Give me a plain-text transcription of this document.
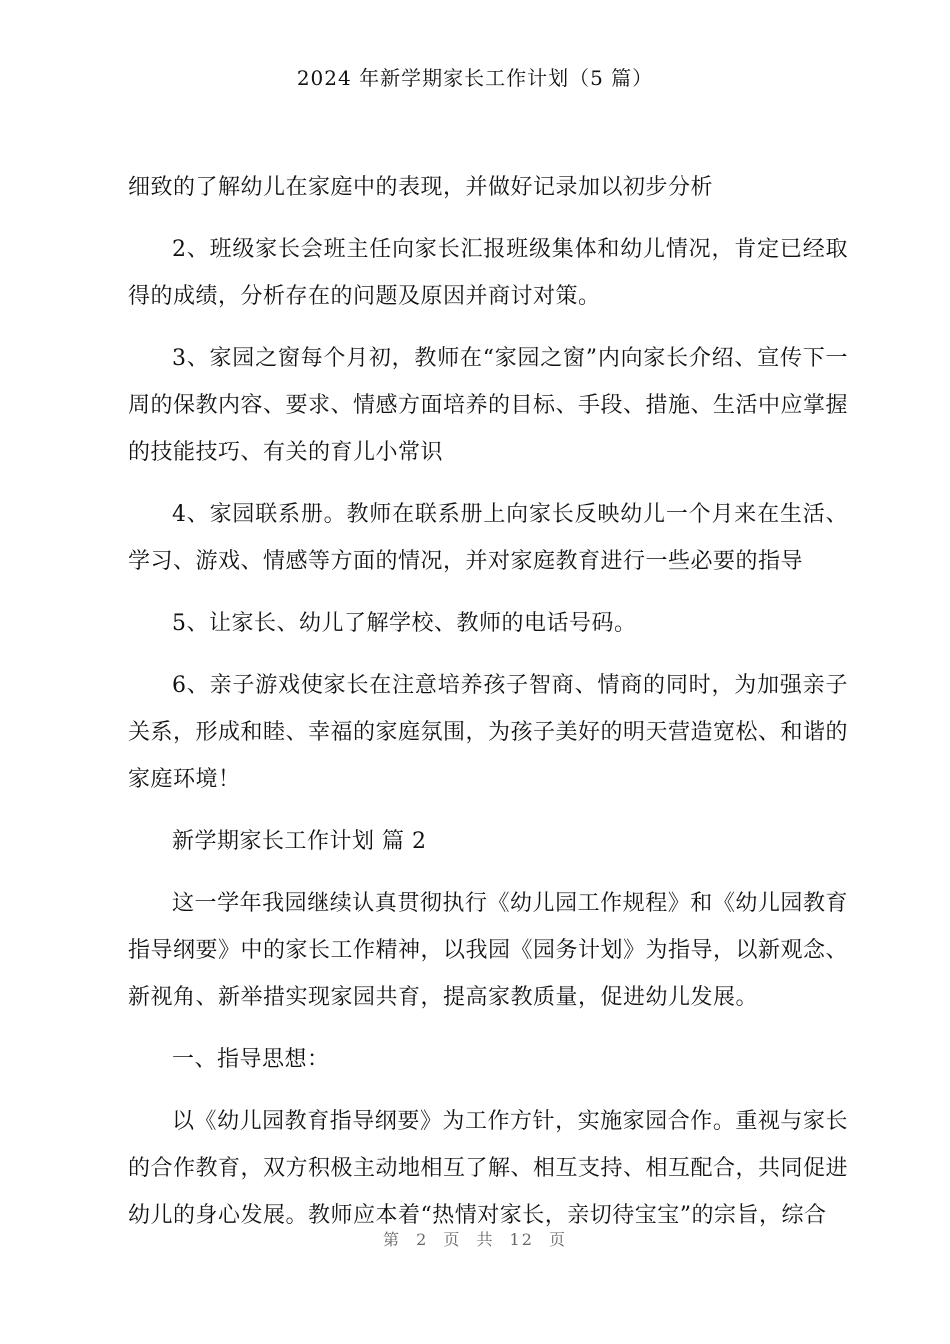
2024 年新学期家长工作计划（5 篇）

细致的了解幼儿在家庭中的表现，并做好记录加以初步分析

2、班级家长会班主任向家长汇报班级集体和幼儿情况，肯定已经取得的成绩，分析存在的问题及原因并商讨对策。

3、家园之窗每个月初，教师在“家园之窗”内向家长介绍、宣传下一周的保教内容、要求、情感方面培养的目标、手段、措施、生活中应掌握的技能技巧、有关的育儿小常识

4、家园联系册。教师在联系册上向家长反映幼儿一个月来在生活、学习、游戏、情感等方面的情况，并对家庭教育进行一些必要的指导

5、让家长、幼儿了解学校、教师的电话号码。

6、亲子游戏使家长在注意培养孩子智商、情商的同时，为加强亲子关系，形成和睦、幸福的家庭氛围，为孩子美好的明天营造宽松、和谐的家庭环境！

新学期家长工作计划 篇 2

这一学年我园继续认真贯彻执行《幼儿园工作规程》和《幼儿园教育指导纲要》中的家长工作精神，以我园《园务计划》为指导，以新观念、新视角、新举措实现家园共育，提高家教质量，促进幼儿发展。

一、指导思想：

以《幼儿园教育指导纲要》为工作方针，实施家园合作。重视与家长的合作教育，双方积极主动地相互了解、相互支持、相互配合，共同促进幼儿的身心发展。教师应本着“热情对家长，亲切待宝宝”的宗旨，综合

第 2 页 共 12 页
